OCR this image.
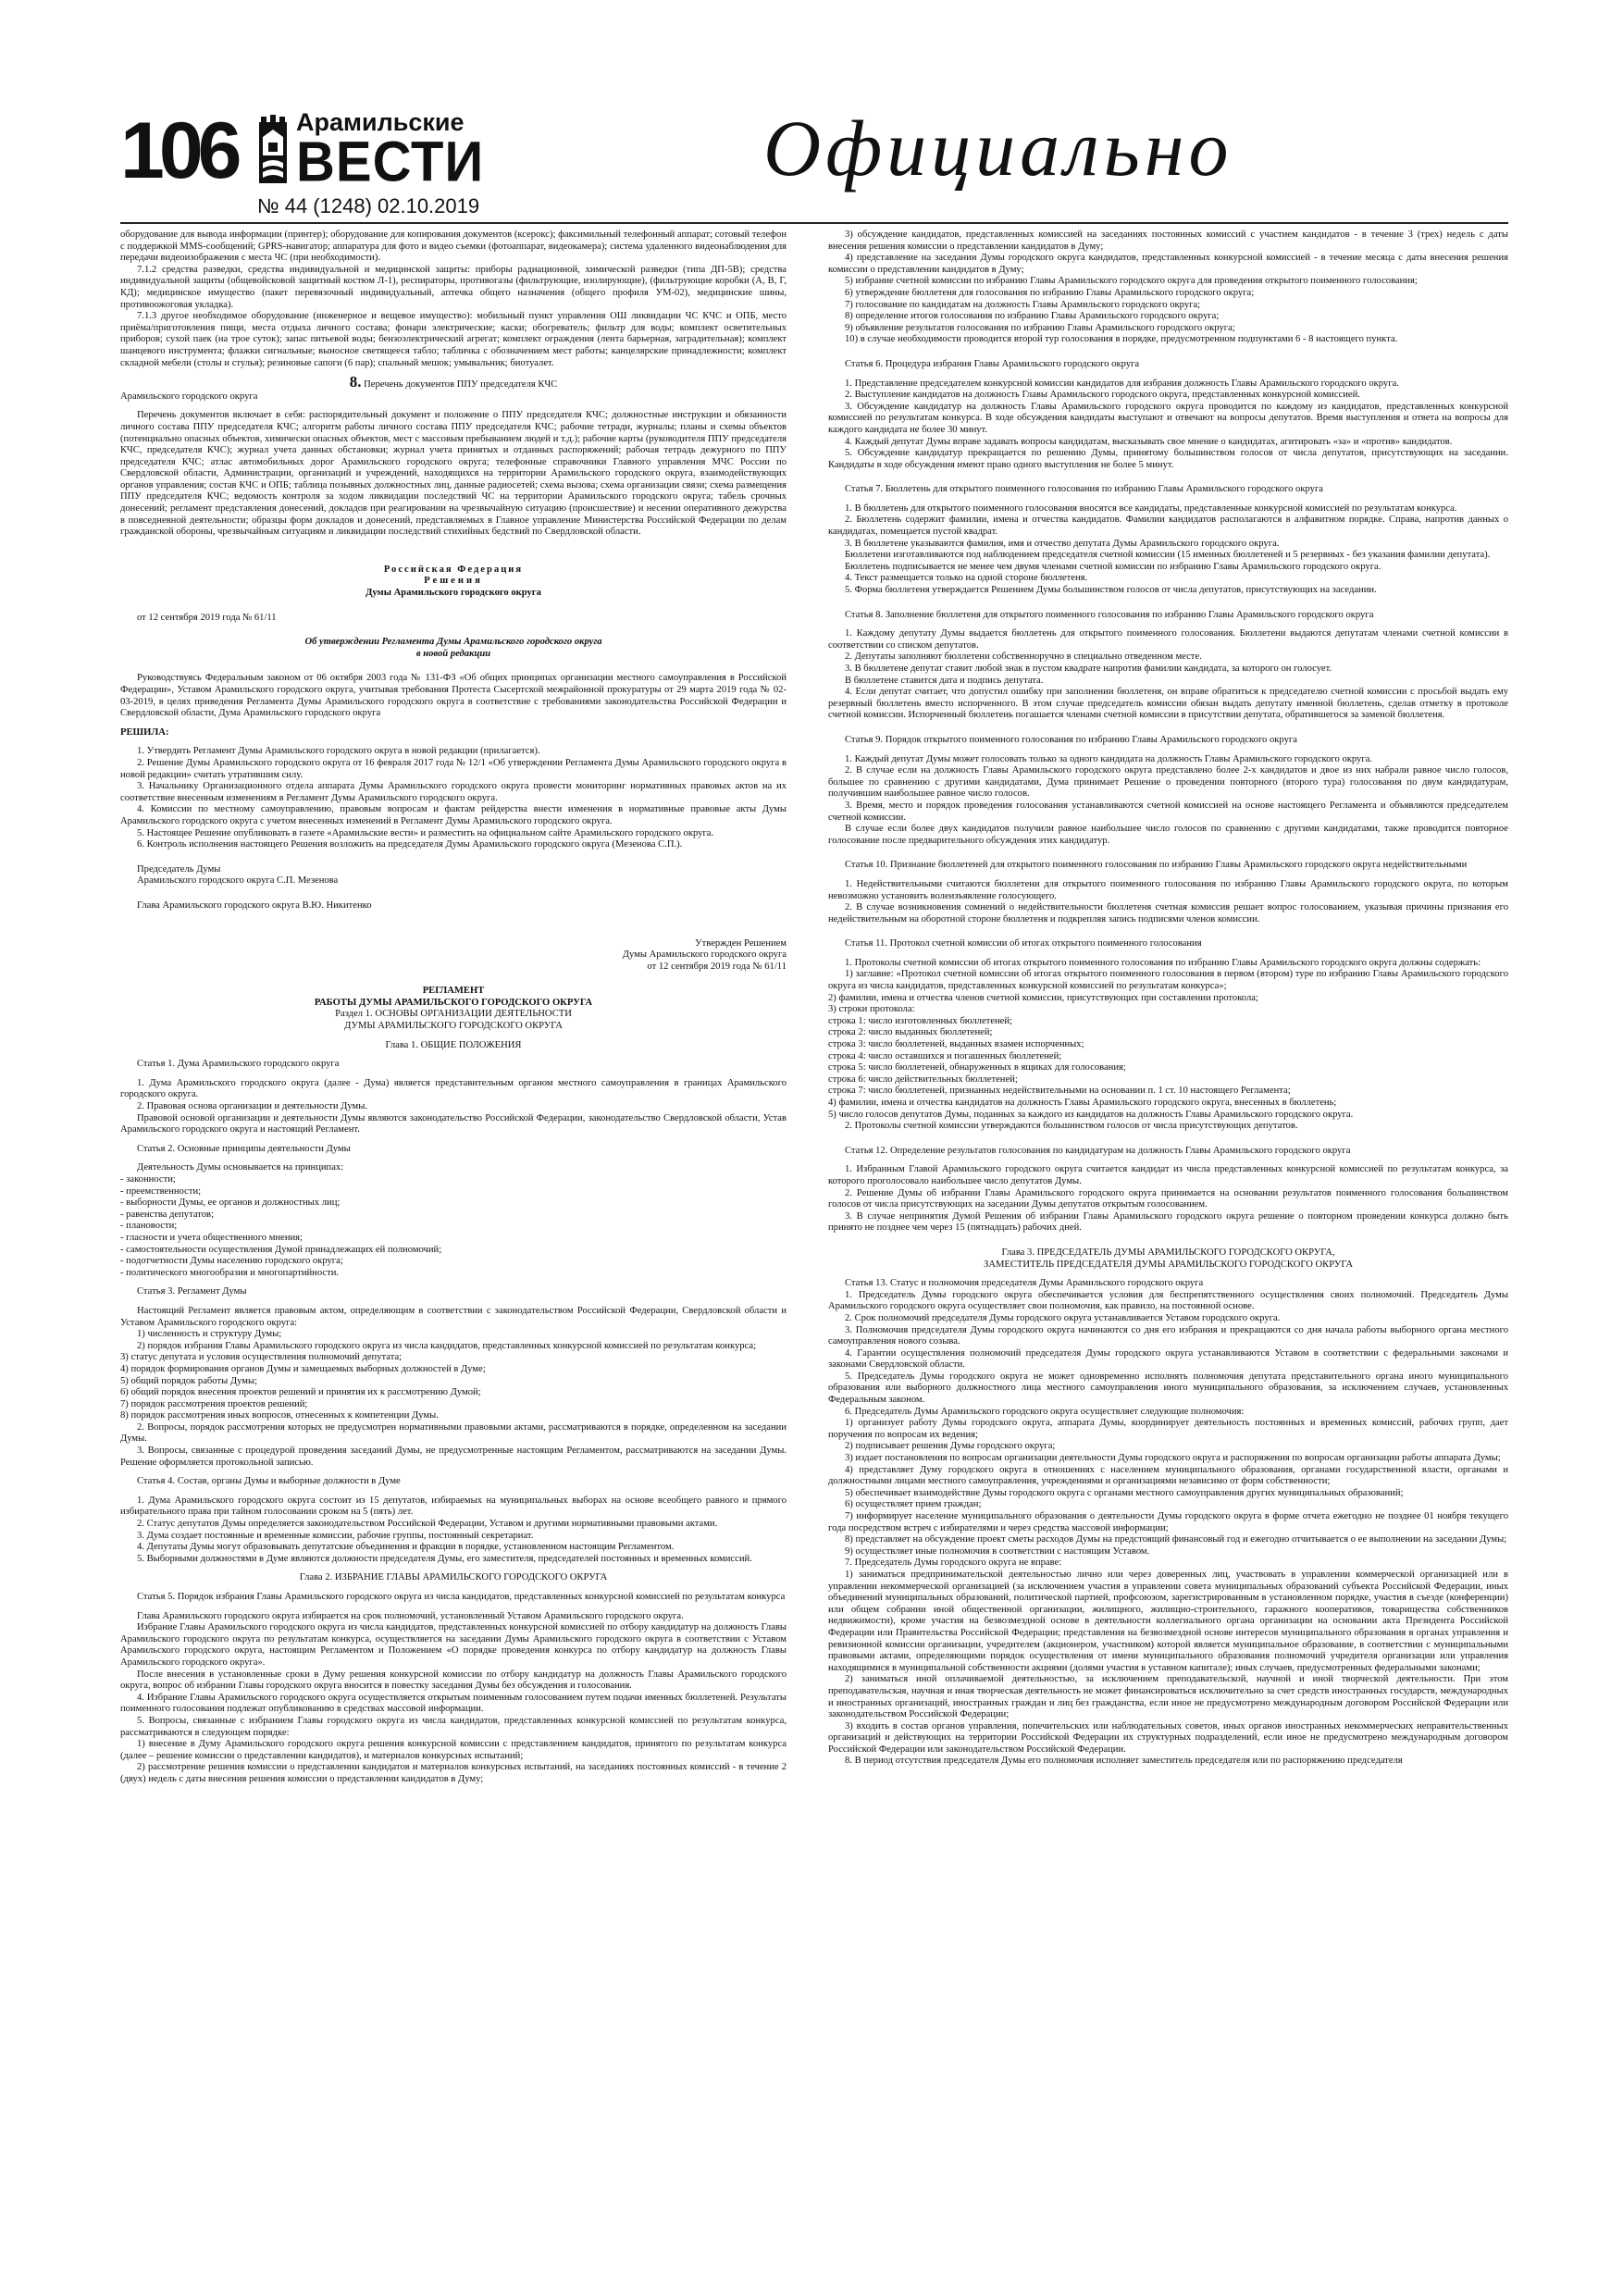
106 Арамильские
ВЕСТИ
№ 44 (1248) 02.10.2019
Официально

оборудование для вывода информации (принтер); оборудование для копирования документов (ксерокс); факсимильный телефонный аппарат; сотовый телефон с поддержкой MMS-сообщений; GPRS-навигатор; аппаратура для фото и видео съемки (фотоаппарат, видеокамера); система удаленного видеонаблюдения для передачи видеоизображения с места ЧС (при необходимости).

7.1.2 средства разведки, средства индивидуальной и медицинской защиты: приборы радиационной, химической разведки (типа ДП-5В); средства индивидуальной защиты (общевойсковой защитный костюм Л-1), респираторы, противогазы (фильтрующие, изолирующие), (фильтрующие коробки (А, В, Г, КД); медицинское имущество (пакет перевязочный индивидуальный, аптечка общего назначения (общего профиля УМ-02), медицинские шины, противоожоговая укладка).

7.1.3 другое необходимое оборудование (инженерное и вещевое имущество): мобильный пункт управления ОШ ликвидации ЧС КЧС и ОПБ, место приёма/приготовления пищи, места отдыха личного состава; фонари электрические; каски; обогреватель; фильтр для воды; комплект осветительных приборов; сухой паек (на трое суток); запас питьевой воды; бензоэлектрический агрегат; комплект ограждения (лента барьерная, заградительная); комплект шанцевого инструмента; флажки сигнальные; выносное светящееся табло; табличка с обозначением мест работы; канцелярские принадлежности; комплект складной мебели (столы и стулья); резиновые сапоги (6 пар); спальный мешок; умывальник; биотуалет.

8. Перечень документов ППУ председателя КЧС

Арамильского городского округа

Перечень документов включает в себя: распорядительный документ и положение о ППУ председателя КЧС; должностные инструкции и обязанности личного состава ППУ председателя КЧС; алгоритм работы личного состава ППУ председателя КЧС; рабочие тетради, журналы; планы и схемы объектов (потенциально опасных объектов, химически опасных объектов, мест с массовым пребыванием людей и т.д.); рабочие карты (руководителя ППУ председателя КЧС, председателя КЧС); журнал учета данных обстановки; журнал учета принятых и отданных распоряжений; рабочая тетрадь дежурного по ППУ председателя КЧС; атлас автомобильных дорог Арамильского городского округа; телефонные справочники Главного управления МЧС России по Свердловской области, Администрации, организаций и учреждений, находящихся на территории Арамильского городского округа, взаимодействующих органов управления; состав КЧС и ОПБ; таблица позывных должностных лиц, данные радиосетей; схема вызова; схема организации связи; схема размещения ППУ председателя КЧС; ведомость контроля за ходом ликвидации последствий ЧС на территории Арамильского городского округа; табель срочных донесений; регламент представления донесений, докладов при реагировании на чрезвычайную ситуацию (происшествие) и несении оперативного дежурства в повседневной деятельности; образцы форм докладов и донесений, представляемых в Главное управление Министерства Российской Федерации по делам гражданской обороны, чрезвычайным ситуациям и ликвидации последствий стихийных бедствий по Свердловской области.

Российская Федерация

Решения

Думы Арамильского городского округа

от 12 сентября 2019 года № 61/11

Об утверждении Регламента Думы Арамильского городского округа

в новой редакции

Руководствуясь Федеральным законом от 06 октября 2003 года № 131-ФЗ «Об общих принципах организации местного самоуправления в Российской Федерации», Уставом Арамильского городского округа, учитывая требования Протеста Сысертской межрайонной прокуратуры от 29 марта 2019 года № 02-03-2019, в целях приведения Регламента Думы Арамильского городского округа в соответствие с требованиями законодательства Российской Федерации и Свердловской области, Дума Арамильского городского округа

РЕШИЛА:

1. Утвердить Регламент Думы Арамильского городского округа в новой редакции (прилагается).

2. Решение Думы Арамильского городского округа от 16 февраля 2017 года № 12/1 «Об утверждении Регламента Думы Арамильского городского округа в новой редакции» считать утратившим силу.

3. Начальнику Организационного отдела аппарата Думы Арамильского городского округа провести мониторинг нормативных правовых актов на их соответствие внесенным изменениям в Регламент Думы Арамильского городского округа.

4. Комиссии по местному самоуправлению, правовым вопросам и фактам рейдерства внести изменения в нормативные правовые акты Думы Арамильского городского округа с учетом внесенных изменений в Регламент Думы Арамильского городского округа.

5. Настоящее Решение опубликовать в газете «Арамильские вести» и разместить на официальном сайте Арамильского городского округа.

6. Контроль исполнения настоящего Решения возложить на председателя Думы Арамильского городского округа (Мезенова С.П.).

Председатель Думы

Арамильского городского округа С.П. Мезенова

Глава Арамильского городского округа В.Ю. Никитенко

Утвержден Решением

Думы Арамильского городского округа

от 12 сентября 2019 года № 61/11

РЕГЛАМЕНТ

РАБОТЫ ДУМЫ АРАМИЛЬСКОГО ГОРОДСКОГО ОКРУГА

Раздел 1. ОСНОВЫ ОРГАНИЗАЦИИ ДЕЯТЕЛЬНОСТИ

ДУМЫ АРАМИЛЬСКОГО ГОРОДСКОГО ОКРУГА

Глава 1. ОБЩИЕ ПОЛОЖЕНИЯ

Статья 1. Дума Арамильского городского округа

1. Дума Арамильского городского округа (далее - Дума) является представительным органом местного самоуправления в границах Арамильского городского округа.

2. Правовая основа организации и деятельности Думы.

Правовой основой организации и деятельности Думы являются законодательство Российской Федерации, законодательство Свердловской области, Устав Арамильского городского округа и настоящий Регламент.

Статья 2. Основные принципы деятельности Думы

Деятельность Думы основывается на принципах:

- законности;

- преемственности;

- выборности Думы, ее органов и должностных лиц;

- равенства депутатов;

- плановости;

- гласности и учета общественного мнения;

- самостоятельности осуществления Думой принадлежащих ей полномочий;

- подотчетности Думы населению городского округа;

- политического многообразия и многопартийности.

Статья 3. Регламент Думы

Настоящий Регламент является правовым актом, определяющим в соответствии с законодательством Российской Федерации, Свердловской области и Уставом Арамильского городского округа:

1) численность и структуру Думы;

2) порядок избрания Главы Арамильского городского округа из числа кандидатов, представленных конкурсной комиссией по результатам конкурса;

3) статус депутата и условия осуществления полномочий депутата;

4) порядок формирования органов Думы и замещаемых выборных должностей в Думе;

5) общий порядок работы Думы;

6) общий порядок внесения проектов решений и принятия их к рассмотрению Думой;

7) порядок рассмотрения проектов решений;

8) порядок рассмотрения иных вопросов, отнесенных к компетенции Думы.

2. Вопросы, порядок рассмотрения которых не предусмотрен нормативными правовыми актами, рассматриваются в порядке, определенном на заседании Думы.

3. Вопросы, связанные с процедурой проведения заседаний Думы, не предусмотренные настоящим Регламентом, рассматриваются на заседании Думы. Решение оформляется протокольной записью.

Статья 4. Состав, органы Думы и выборные должности в Думе

1. Дума Арамильского городского округа состоит из 15 депутатов, избираемых на муниципальных выборах на основе всеобщего равного и прямого избирательного права при тайном голосовании сроком на 5 (пять) лет.

2. Статус депутатов Думы определяется законодательством Российской Федерации, Уставом и другими нормативными правовыми актами.

3. Дума создает постоянные и временные комиссии, рабочие группы, постоянный секретариат.

4. Депутаты Думы могут образовывать депутатские объединения и фракции в порядке, установленном настоящим Регламентом.

5. Выборными должностями в Думе являются должности председателя Думы, его заместителя, председателей постоянных и временных комиссий.

Глава 2. ИЗБРАНИЕ ГЛАВЫ АРАМИЛЬСКОГО ГОРОДСКОГО ОКРУГА

Статья 5. Порядок избрания Главы Арамильского городского округа из числа кандидатов, представленных конкурсной комиссией по результатам конкурса

Глава Арамильского городского округа избирается на срок полномочий, установленный Уставом Арамильского городского округа.

Избрание Главы Арамильского городского округа из числа кандидатов, представленных конкурсной комиссией по отбору кандидатур на должность Главы Арамильского городского округа по результатам конкурса, осуществляется на заседании Думы Арамильского городского округа в соответствии с Уставом Арамильского городского округа, настоящим Регламентом и Положением «О порядке проведения конкурса по отбору кандидатур на должность Главы Арамильского городского округа».

После внесения в установленные сроки в Думу решения конкурсной комиссии по отбору кандидатур на должность Главы Арамильского городского округа, вопрос об избрании Главы городского округа вносится в повестку заседания Думы без обсуждения и голосования.

4. Избрание Главы Арамильского городского округа осуществляется открытым поименным голосованием путем подачи именных бюллетеней. Результаты поименного голосования подлежат опубликованию в средствах массовой информации.

5. Вопросы, связанные с избранием Главы городского округа из числа кандидатов, представленных конкурсной комиссией по результатам конкурса, рассматриваются в следующем порядке:

1) внесение в Думу Арамильского городского округа решения конкурсной комиссии с представлением кандидатов, принятого по результатам конкурса (далее – решение комиссии о представлении кандидатов), и материалов конкурсных испытаний;

2) рассмотрение решения комиссии о представлении кандидатов и материалов конкурсных испытаний, на заседаниях постоянных комиссий - в течение 2 (двух) недель с даты внесения решения комиссии о представлении кандидатов в Думу;

3) обсуждение кандидатов, представленных комиссией на заседаниях постоянных комиссий с участием кандидатов - в течение 3 (трех) недель с даты внесения решения комиссии о представлении кандидатов в Думу;

4) представление на заседании Думы городского округа кандидатов, представленных конкурсной комиссией - в течение месяца с даты внесения решения комиссии о представлении кандидатов в Думу;

5) избрание счетной комиссии по избранию Главы Арамильского городского округа для проведения открытого поименного голосования;

6) утверждение бюллетеня для голосования по избранию Главы Арамильского городского округа;

7) голосование по кандидатам на должность Главы Арамильского городского округа;

8) определение итогов голосования по избранию Главы Арамильского городского округа;

9) объявление результатов голосования по избранию Главы Арамильского городского округа;

10) в случае необходимости проводится второй тур голосования в порядке, предусмотренном подпунктами 6 - 8 настоящего пункта.

Статья 6. Процедура избрания Главы Арамильского городского округа

1. Представление председателем конкурсной комиссии кандидатов для избрания должность Главы Арамильского городского округа.

2. Выступление кандидатов на должность Главы Арамильского городского округа, представленных конкурсной комиссией.

3. Обсуждение кандидатур на должность Главы Арамильского городского округа проводится по каждому из кандидатов, представленных конкурсной комиссией по результатам конкурса. В ходе обсуждения кандидаты выступают и отвечают на вопросы депутатов. Время выступления и ответа на вопросы для каждого кандидата не более 30 минут.

4. Каждый депутат Думы вправе задавать вопросы кандидатам, высказывать свое мнение о кандидатах, агитировать «за» и «против» кандидатов.

5. Обсуждение кандидатур прекращается по решению Думы, принятому большинством голосов от числа депутатов, присутствующих на заседании. Кандидаты в ходе обсуждения имеют право одного выступления не более 5 минут.

Статья 7. Бюллетень для открытого поименного голосования по избранию Главы Арамильского городского округа

1. В бюллетень для открытого поименного голосования вносятся все кандидаты, представленные конкурсной комиссией по результатам конкурса.

2. Бюллетень содержит фамилии, имена и отчества кандидатов. Фамилии кандидатов располагаются в алфавитном порядке. Справа, напротив данных о кандидатах, помещается пустой квадрат.

3. В бюллетене указываются фамилия, имя и отчество депутата Думы Арамильского городского округа.

Бюллетени изготавливаются под наблюдением председателя счетной комиссии (15 именных бюллетеней и 5 резервных - без указания фамилии депутата).

Бюллетень подписывается не менее чем двумя членами счетной комиссии по избранию Главы Арамильского городского округа.

4. Текст размещается только на одной стороне бюллетеня.

5. Форма бюллетеня утверждается Решением Думы большинством голосов от числа депутатов, присутствующих на заседании.

Статья 8. Заполнение бюллетеня для открытого поименного голосования по избранию Главы Арамильского городского округа

1. Каждому депутату Думы выдается бюллетень для открытого поименного голосования. Бюллетени выдаются депутатам членами счетной комиссии в соответствии со списком депутатов.

2. Депутаты заполняют бюллетени собственноручно в специально отведенном месте.

3. В бюллетене депутат ставит любой знак в пустом квадрате напротив фамилии кандидата, за которого он голосует.

В бюллетене ставится дата и подпись депутата.

4. Если депутат считает, что допустил ошибку при заполнении бюллетеня, он вправе обратиться к председателю счетной комиссии с просьбой выдать ему резервный бюллетень вместо испорченного. В этом случае председатель комиссии обязан выдать депутату именной бюллетень, сделав отметку в протоколе счетной комиссии. Испорченный бюллетень погашается членами счетной комиссии в присутствии депутата, обратившегося за заменой бюллетеня.

Статья 9. Порядок открытого поименного голосования по избранию Главы Арамильского городского округа

1. Каждый депутат Думы может голосовать только за одного кандидата на должность Главы Арамильского городского округа.

2. В случае если на должность Главы Арамильского городского округа представлено более 2-х кандидатов и двое из них набрали равное число голосов, большее по сравнению с другими кандидатами, Дума принимает Решение о проведении повторного (второго тура) голосования по двум кандидатурам, получившим наибольшее равное число голосов.

3. Время, место и порядок проведения голосования устанавливаются счетной комиссией на основе настоящего Регламента и объявляются председателем счетной комиссии.

В случае если более двух кандидатов получили равное наибольшее число голосов по сравнению с другими кандидатами, также проводится повторное голосование после предварительного обсуждения этих кандидатур.

Статья 10. Признание бюллетеней для открытого поименного голосования по избранию Главы Арамильского городского округа недействительными

1. Недействительными считаются бюллетени для открытого поименного голосования по избранию Главы Арамильского городского округа, по которым невозможно установить волеизъявление голосующего.

2. В случае возникновения сомнений о недействительности бюллетеня счетная комиссия решает вопрос голосованием, указывая причины признания его недействительным на оборотной стороне бюллетеня и подкрепляя запись подписями членов комиссии.

Статья 11. Протокол счетной комиссии об итогах открытого поименного голосования

1. Протоколы счетной комиссии об итогах открытого поименного голосования по избранию Главы Арамильского городского округа должны содержать:

1) заглавие: «Протокол счетной комиссии об итогах открытого поименного голосования в первом (втором) туре по избранию Главы Арамильского городского округа из числа кандидатов, представленных конкурсной комиссией по результатам конкурса»;

2) фамилии, имена и отчества членов счетной комиссии, присутствующих при составлении протокола;

3) строки протокола:

строка 1: число изготовленных бюллетеней;

строка 2: число выданных бюллетеней;

строка 3: число бюллетеней, выданных взамен испорченных;

строка 4: число оставшихся и погашенных бюллетеней;

строка 5: число бюллетеней, обнаруженных в ящиках для голосования;

строка 6: число действительных бюллетеней;

строка 7: число бюллетеней, признанных недействительными на основании п. 1 ст. 10 настоящего Регламента;

4) фамилии, имена и отчества кандидатов на должность Главы Арамильского городского округа, внесенных в бюллетень;

5) число голосов депутатов Думы, поданных за каждого из кандидатов на должность Главы Арамильского городского округа.

2. Протоколы счетной комиссии утверждаются большинством голосов от числа присутствующих депутатов.

Статья 12. Определение результатов голосования по кандидатурам на должность Главы Арамильского городского округа

1. Избранным Главой Арамильского городского округа считается кандидат из числа представленных конкурсной комиссией по результатам конкурса, за которого проголосовало наибольшее число депутатов Думы.

2. Решение Думы об избрании Главы Арамильского городского округа принимается на основании результатов поименного голосования большинством голосов от числа присутствующих на заседании Думы депутатов открытым голосованием.

3. В случае непринятия Думой Решения об избрании Главы Арамильского городского округа решение о повторном проведении конкурса должно быть принято не позднее чем через 15 (пятнадцать) рабочих дней.

Глава 3. ПРЕДСЕДАТЕЛЬ ДУМЫ АРАМИЛЬСКОГО ГОРОДСКОГО ОКРУГА,

ЗАМЕСТИТЕЛЬ ПРЕДСЕДАТЕЛЯ ДУМЫ АРАМИЛЬСКОГО ГОРОДСКОГО ОКРУГА

Статья 13. Статус и полномочия председателя Думы Арамильского городского округа

1. Председатель Думы городского округа обеспечивается условия для беспрепятственного осуществления своих полномочий. Председатель Думы Арамильского городского округа осуществляет свои полномочия, как правило, на постоянной основе.

2. Срок полномочий председателя Думы городского округа устанавливается Уставом городского округа.

3. Полномочия председателя Думы городского округа начинаются со дня его избрания и прекращаются со дня начала работы выборного органа местного самоуправления нового созыва.

4. Гарантии осуществления полномочий председателя Думы городского округа устанавливаются Уставом в соответствии с федеральными законами и законами Свердловской области.

5. Председатель Думы городского округа не может одновременно исполнять полномочия депутата представительного органа иного муниципального образования или выборного должностного лица местного самоуправления иного муниципального образования, за исключением случаев, установленных Федеральным законом.

6. Председатель Думы Арамильского городского округа осуществляет следующие полномочия:

1) организует работу Думы городского округа, аппарата Думы, координирует деятельность постоянных и временных комиссий, рабочих групп, дает поручения по вопросам их ведения;

2) подписывает решения Думы городского округа;

3) издает постановления по вопросам организации деятельности Думы городского округа и распоряжения по вопросам организации работы аппарата Думы;

4) представляет Думу городского округа в отношениях с населением муниципального образования, органами государственной власти, органами и должностными лицами местного самоуправления, учреждениями и организациями независимо от форм собственности;

5) обеспечивает взаимодействие Думы городского округа с органами местного самоуправления других муниципальных образований;

6) осуществляет прием граждан;

7) информирует население муниципального образования о деятельности Думы городского округа в форме отчета ежегодно не позднее 01 ноября текущего года посредством встреч с избирателями и через средства массовой информации;

8) представляет на обсуждение проект сметы расходов Думы на предстоящий финансовый год и ежегодно отчитывается о ее выполнении на заседании Думы;

9) осуществляет иные полномочия в соответствии с настоящим Уставом.

7. Председатель Думы городского округа не вправе:

1) заниматься предпринимательской деятельностью лично или через доверенных лиц, участвовать в управлении коммерческой организацией или в управлении некоммерческой организацией (за исключением участия в управлении совета муниципальных образований субъекта Российской Федерации, иных объединений муниципальных образований, политической партией, профсоюзом, зарегистрированным в установленном порядке, участия в съезде (конференции) или общем собрании иной общественной организации, жилищного, жилищно-строительного, гаражного кооперативов, товарищества собственников недвижимости), кроме участия на безвозмездной основе в деятельности коллегиального органа организации на основании акта Президента Российской Федерации или Правительства Российской Федерации; представления на безвозмездной основе интересов муниципального образования в органах управления и ревизионной комиссии организации, учредителем (акционером, участником) которой является муниципальное образование, в соответствии с муниципальными правовыми актами, определяющими порядок осуществления от имени муниципального образования полномочий учредителя организации или управления находящимися в муниципальной собственности акциями (долями участия в уставном капитале); иных случаев, предусмотренных федеральными законами;

2) заниматься иной оплачиваемой деятельностью, за исключением преподавательской, научной и иной творческой деятельности. При этом преподавательская, научная и иная творческая деятельность не может финансироваться исключительно за счет средств иностранных государств, международных и иностранных организаций, иностранных граждан и лиц без гражданства, если иное не предусмотрено международным договором Российской Федерации или законодательством Российской Федерации;

3) входить в состав органов управления, попечительских или наблюдательных советов, иных органов иностранных некоммерческих неправительственных организаций и действующих на территории Российской Федерации их структурных подразделений, если иное не предусмотрено международным договором Российской Федерации или законодательством Российской Федерации.

8. В период отсутствия председателя Думы его полномочия исполняет заместитель председателя или по распоряжению председателя
